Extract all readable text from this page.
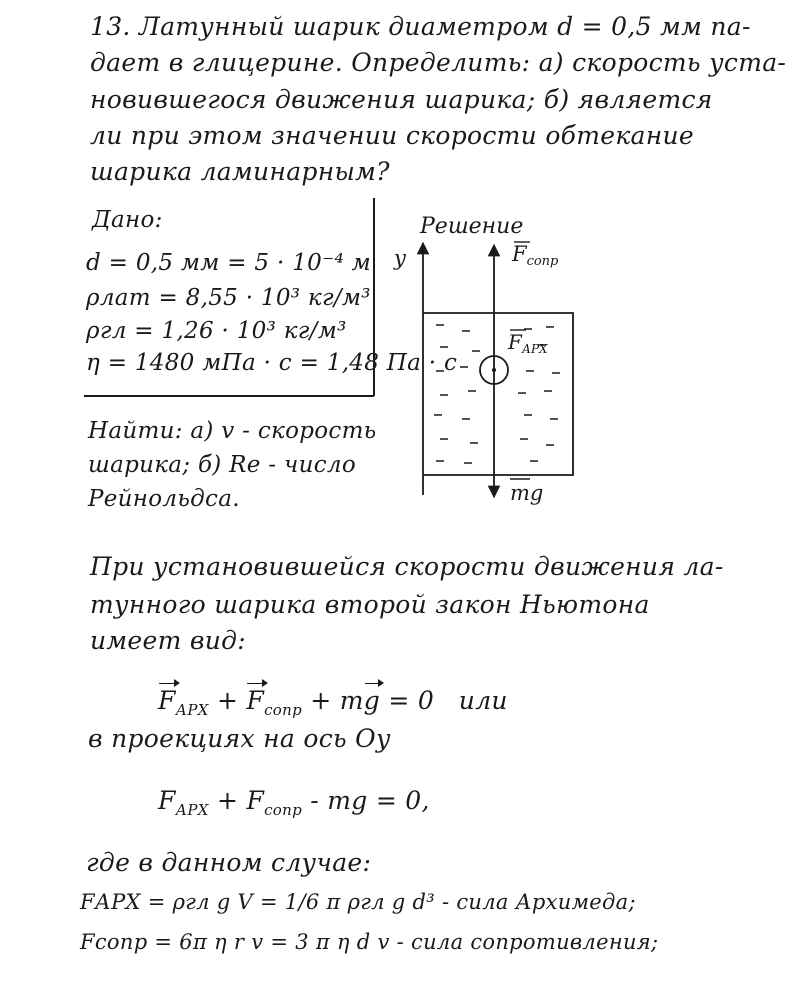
13. Латунный шарик диаметром d = 0,5 мм па-
дает в глицерине. Определить: а) скорость уста-
новившегося движения шарика; б) является
ли при этом значении скорости обтекание
шарика ламинарным?
Дано:
d = 0,5 мм = 5 · 10⁻⁴ м
ρлат = 8,55 · 10³ кг/м³
ρгл = 1,26 · 10³ кг/м³
η = 1480 мПа · с = 1,48 Па · с
Найти: а) v - скорость
шарика; б) Re - число
Рейнольдса.
Решение
y	Fсопр
$F_{АРХ}$
mg
При установившейся скорости движения ла-
тунного шарика второй закон Ньютона
имеет вид:
$F_{АРХ} + F_{сопр}$ + mg = 0 или
в проекциях на ось Оy
$F_{АРХ} + F_{сопр}$ - mg = 0,
где в данном случае:
FАРХ = ρгл g V = 1/6 π ρгл g d³ - сила Архимеда;
Fсопр = 6π η r v = 3 π η d v - сила сопротивления;
